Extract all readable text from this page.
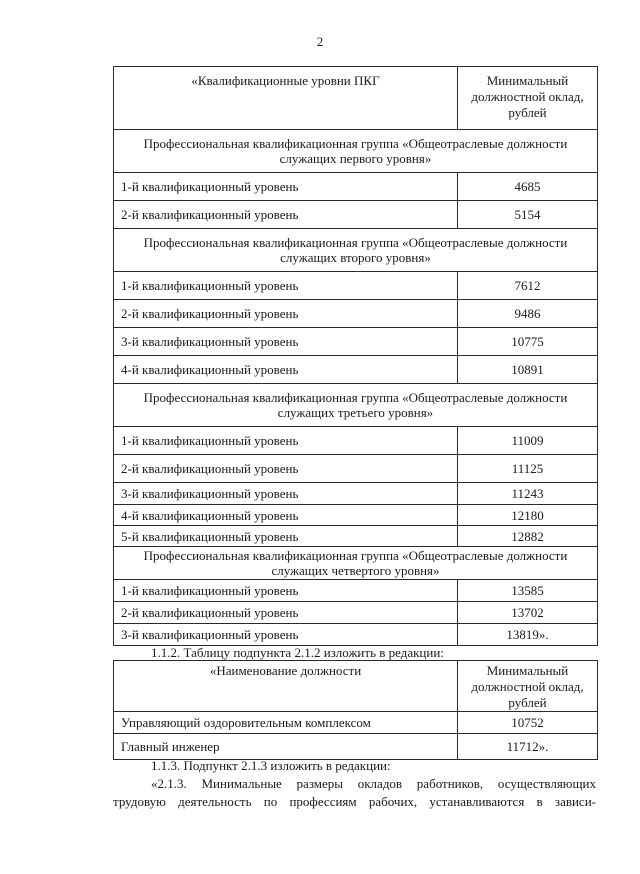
2
«Квалификационные уровни ПКГ	Минимальный
должностной оклад,
рублей

Профессиональная квалификационная группа «Общеотраслевые должности служащих первого уровня»	
1-й квалификационный уровень	4685
2-й квалификационный уровень	5154
Профессиональная квалификационная группа «Общеотраслевые должности служащих второго уровня»	
1-й квалификационный уровень	7612
2-й квалификационный уровень	9486
3-й квалификационный уровень	10775
4-й квалификационный уровень	10891
Профессиональная квалификационная группа «Общеотраслевые должности служащих третьего уровня»	
1-й квалификационный уровень	11009
2-й квалификационный уровень	11125
3-й квалификационный уровень	11243
4-й квалификационный уровень	12180
5-й квалификационный уровень	12882
Профессиональная квалификационная группа «Общеотраслевые должности служащих четвертого уровня»	
1-й квалификационный уровень	13585
2-й квалификационный уровень	13702
3-й квалификационный уровень	13819».

1.1.2. Таблицу подпункта 2.1.2 изложить в редакции:

«Наименование должности	Минимальный
должностной оклад,
рублей

Управляющий оздоровительным комплексом	10752
Главный инженер	11712».

1.1.3. Подпункт 2.1.3 изложить в редакции:

«2.1.3. Минимальные размеры окладов работников, осуществляющих

трудовую деятельность по профессиям рабочих, устанавливаются в зависи-
